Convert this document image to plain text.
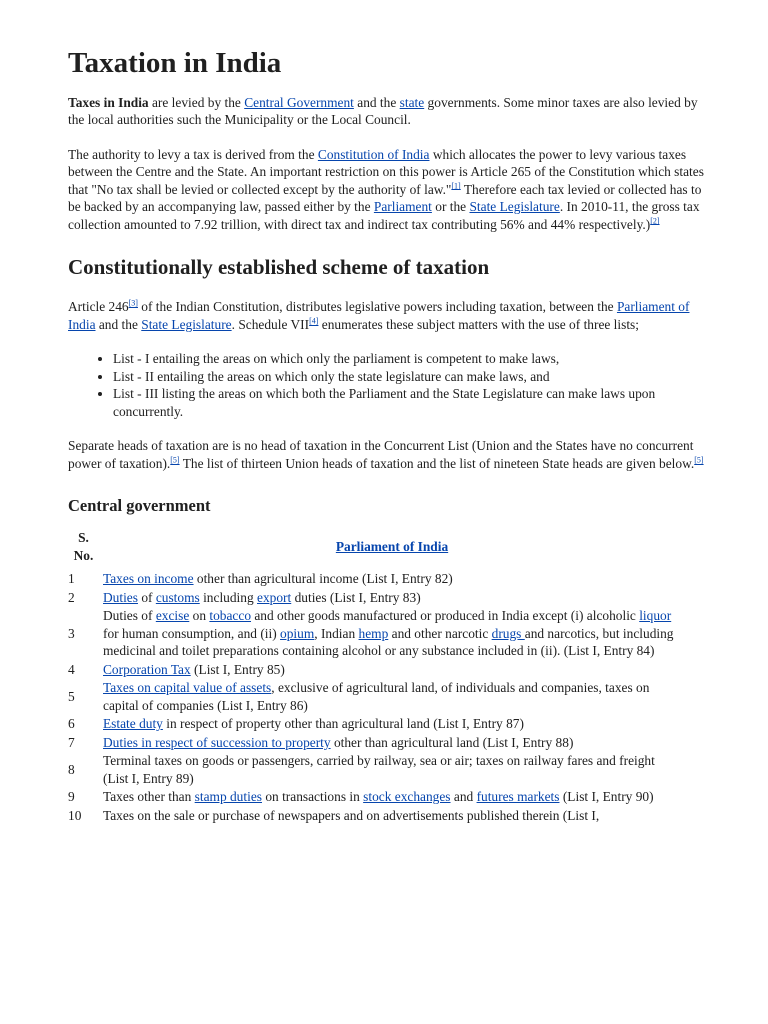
Taxation in India

Taxes in India are levied by the Central Government and the state governments. Some minor taxes are also levied by the local authorities such the Municipality or the Local Council.

The authority to levy a tax is derived from the Constitution of India which allocates the power to levy various taxes between the Centre and the State. An important restriction on this power is Article 265 of the Constitution which states that "No tax shall be levied or collected except by the authority of law."[1] Therefore each tax levied or collected has to be backed by an accompanying law, passed either by the Parliament or the State Legislature. In 2010-11, the gross tax collection amounted to 7.92 trillion, with direct tax and indirect tax contributing 56% and 44% respectively.)[2]

Constitutionally established scheme of taxation

Article 246[3] of the Indian Constitution, distributes legislative powers including taxation, between the Parliament of India and the State Legislature. Schedule VII[4] enumerates these subject matters with the use of three lists;

• List - I entailing the areas on which only the parliament is competent to make laws,
• List - II entailing the areas on which only the state legislature can make laws, and
• List - III listing the areas on which both the Parliament and the State Legislature can make laws upon concurrently.

Separate heads of taxation are is no head of taxation in the Concurrent List (Union and the States have no concurrent power of taxation).[5] The list of thirteen Union heads of taxation and the list of nineteen State heads are given below.[5]

Central government
S. No.	Parliament of India
1	Taxes on income other than agricultural income (List I, Entry 82)
2	Duties of customs including export duties (List I, Entry 83)
3	Duties of excise on tobacco and other goods manufactured or produced in India except (i) alcoholic liquor for human consumption, and (ii) opium, Indian hemp and other narcotic drugs and narcotics, but including medicinal and toilet preparations containing alcohol or any substance included in (ii). (List I, Entry 84)
4	Corporation Tax (List I, Entry 85)
5	Taxes on capital value of assets, exclusive of agricultural land, of individuals and companies, taxes on capital of companies (List I, Entry 86)
6	Estate duty in respect of property other than agricultural land (List I, Entry 87)
7	Duties in respect of succession to property other than agricultural land (List I, Entry 88)
8	Terminal taxes on goods or passengers, carried by railway, sea or air; taxes on railway fares and freight (List I, Entry 89)
9	Taxes other than stamp duties on transactions in stock exchanges and futures markets (List I, Entry 90)
10	Taxes on the sale or purchase of newspapers and on advertisements published therein (List I,
